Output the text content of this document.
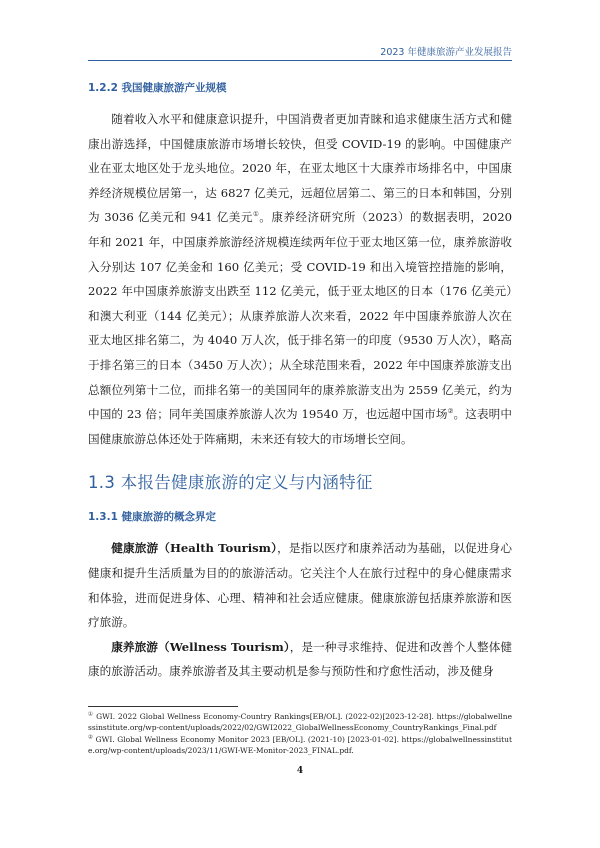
2023 年健康旅游产业发展报告
1.2.2 我国健康旅游产业规模

随着收入水平和健康意识提升，中国消费者更加青睐和追求健康生活方式和健康出游选择，中国健康旅游市场增长较快，但受 COVID-19 的影响。中国健康产业在亚太地区处于龙头地位。2020 年，在亚太地区十大康养市场排名中，中国康养经济规模位居第一，达 6827 亿美元，远超位居第二、第三的日本和韩国，分别为 3036 亿美元和 941 亿美元①。康养经济研究所（2023）的数据表明，2020 年和 2021 年，中国康养旅游经济规模连续两年位于亚太地区第一位，康养旅游收入分别达 107 亿美金和 160 亿美元；受 COVID-19 和出入境管控措施的影响，2022 年中国康养旅游支出跌至 112 亿美元，低于亚太地区的日本（176 亿美元）和澳大利亚（144 亿美元）；从康养旅游人次来看，2022 年中国康养旅游人次在亚太地区排名第二，为 4040 万人次，低于排名第一的印度（9530 万人次），略高于排名第三的日本（3450 万人次）；从全球范围来看，2022 年中国康养旅游支出总额位列第十二位，而排名第一的美国同年的康养旅游支出为 2559 亿美元，约为中国的 23 倍；同年美国康养旅游人次为 19540 万，也远超中国市场②。这表明中国健康旅游总体还处于阵痛期，未来还有较大的市场增长空间。

1.3 本报告健康旅游的定义与内涵特征
1.3.1 健康旅游的概念界定

健康旅游（Health Tourism），是指以医疗和康养活动为基础，以促进身心健康和提升生活质量为目的的旅游活动。它关注个人在旅行过程中的身心健康需求和体验，进而促进身体、心理、精神和社会适应健康。健康旅游包括康养旅游和医疗旅游。

康养旅游（Wellness Tourism），是一种寻求维持、促进和改善个人整体健康的旅游活动。康养旅游者及其主要动机是参与预防性和疗愈性活动，涉及健身

① GWI. 2022 Global Wellness Economy-Country Rankings[EB/OL]. (2022-02)[2023-12-28]. https://globalwellnessinstitute.org/wp-content/uploads/2022/02/GWI2022_GlobalWellnessEconomy_CountryRankings_Final.pdf
② GWI. Global Wellness Economy Monitor 2023 [EB/OL]. (2021-10) [2023-01-02]. https://globalwellnessinstitute.org/wp-content/uploads/2023/11/GWI-WE-Monitor-2023_FINAL.pdf.
4
